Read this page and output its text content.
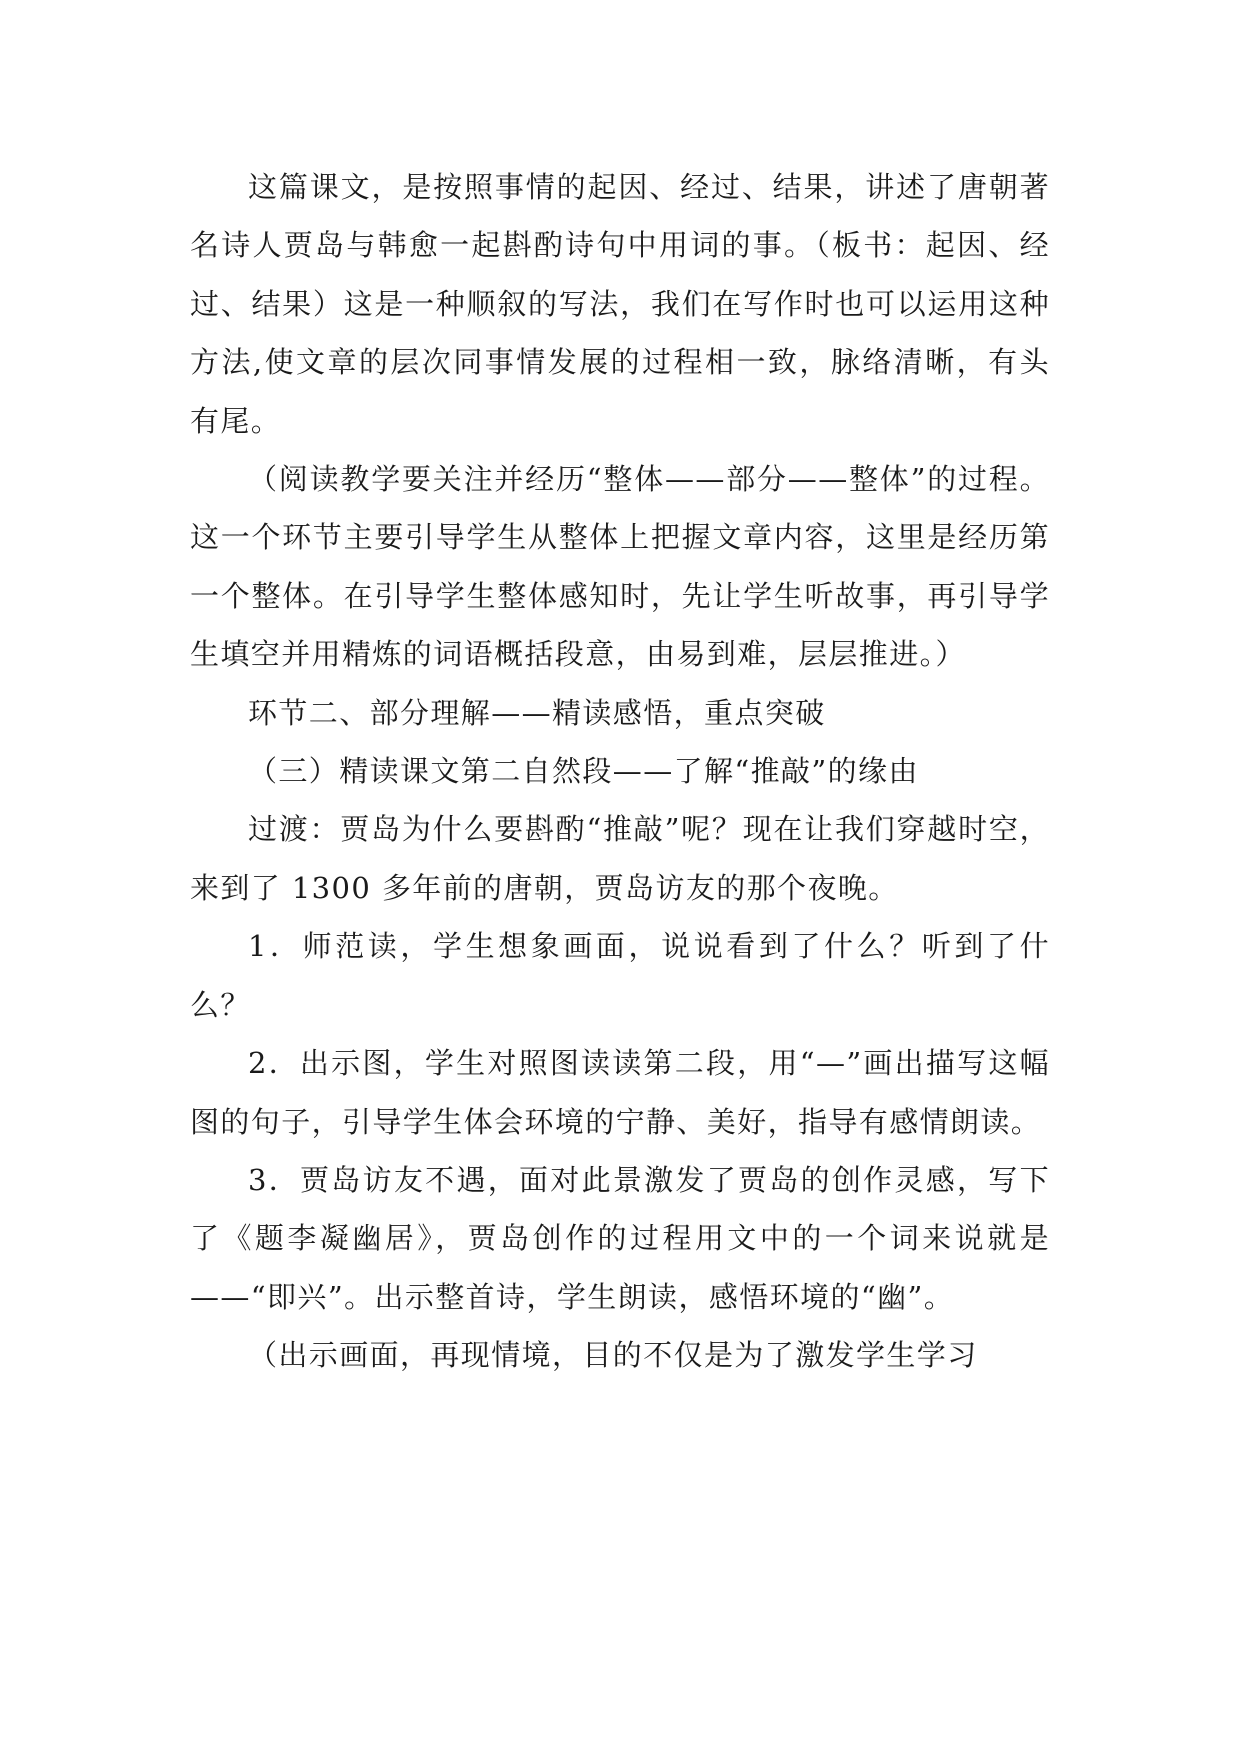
这篇课文，是按照事情的起因、经过、结果，讲述了唐朝著名诗人贾岛与韩愈一起斟酌诗句中用词的事。（板书：起因、经过、结果）这是一种顺叙的写法，我们在写作时也可以运用这种方法,使文章的层次同事情发展的过程相一致，脉络清晰，有头有尾。

（阅读教学要关注并经历“整体——部分——整体”的过程。这一个环节主要引导学生从整体上把握文章内容，这里是经历第一个整体。在引导学生整体感知时，先让学生听故事，再引导学生填空并用精炼的词语概括段意，由易到难，层层推进。）

环节二、部分理解——精读感悟，重点突破

（三）精读课文第二自然段——了解“推敲”的缘由

过渡：贾岛为什么要斟酌“推敲”呢？现在让我们穿越时空，来到了 1300 多年前的唐朝，贾岛访友的那个夜晚。

1．师范读，学生想象画面，说说看到了什么？听到了什么？

2．出示图，学生对照图读读第二段，用“—”画出描写这幅图的句子，引导学生体会环境的宁静、美好，指导有感情朗读。

3．贾岛访友不遇，面对此景激发了贾岛的创作灵感，写下了《题李凝幽居》，贾岛创作的过程用文中的一个词来说就是——“即兴”。出示整首诗，学生朗读，感悟环境的“幽”。

（出示画面，再现情境，目的不仅是为了激发学生学习
